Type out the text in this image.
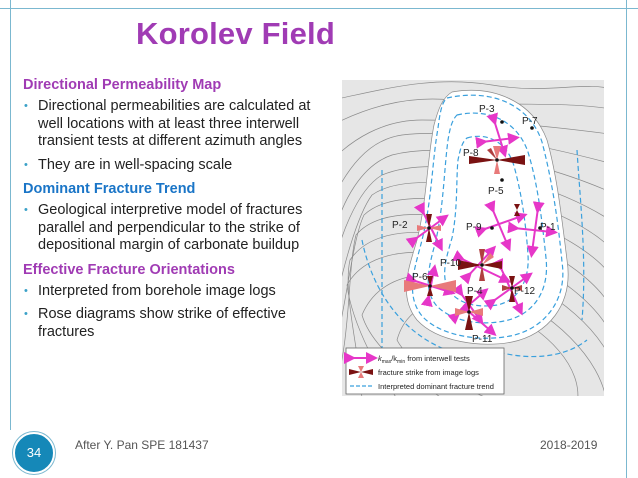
Korolev Field
Directional Permeability Map
• Directional permeabilities are calculated at well locations with at least three interwell transient tests at different azimuth angles
• They are in well-spacing scale
Dominant Fracture Trend
• Geological interpretive model of fractures parallel and perpendicular to the strike of depositional margin of carbonate buildup
Effective Fracture Orientations
• Interpreted from borehole image logs
• Rose diagrams show strike of effective fractures
P-3
P-7
P-8
P-5
P-2	P-9	P-1
P-10
P-6
P-4	P-12
P-11
$k_{max}/k_{min}$ from interwell tests
fracture strike from image logs
Interpreted dominant fracture trend
34	After Y. Pan SPE 181437	2018-2019
